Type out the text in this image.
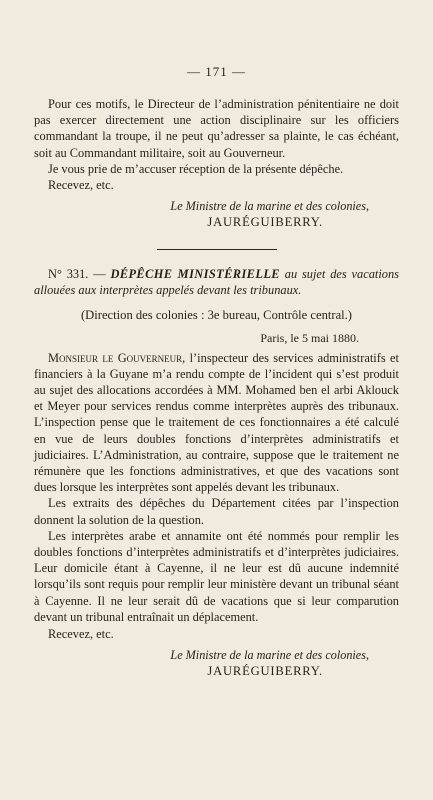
— 171 —

Pour ces motifs, le Directeur de l’administration pénitentiaire ne doit pas exercer directement une action disciplinaire sur les officiers commandant la troupe, il ne peut qu’adresser sa plainte, le cas échéant, soit au Commandant militaire, soit au Gouverneur.

Je vous prie de m’accuser réception de la présente dépêche.

Recevez, etc.

Le Ministre de la marine et des colonies,
JAURÉGUIBERRY.

N° 331. — DÉPÊCHE MINISTÉRIELLE au sujet des vacations allouées aux interprètes appelés devant les tribunaux.

(Direction des colonies : 3e bureau, Contrôle central.)
Paris, le 5 mai 1880.

Monsieur le Gouverneur, l’inspecteur des services administratifs et financiers à la Guyane m’a rendu compte de l’incident qui s’est produit au sujet des allocations accordées à MM. Mohamed ben el arbi Aklouck et Meyer pour services rendus comme interprètes auprès des tribunaux. L’inspection pense que le traitement de ces fonctionnaires a été calculé en vue de leurs doubles fonctions d’interprètes administratifs et judiciaires. L’Administration, au contraire, suppose que le traitement ne rémunère que les fonctions administratives, et que des vacations sont dues lorsque les interprètes sont appelés devant les tribunaux.

Les extraits des dépêches du Département citées par l’inspection donnent la solution de la question.

Les interprètes arabe et annamite ont été nommés pour remplir les doubles fonctions d’interprètes administratifs et d’interprètes judiciaires. Leur domicile étant à Cayenne, il ne leur est dû aucune indemnité lorsqu’ils sont requis pour remplir leur ministère devant un tribunal séant à Cayenne. Il ne leur serait dû de vacations que si leur comparution devant un tribunal entraînait un déplacement.

Recevez, etc.

Le Ministre de la marine et des colonies,
JAURÉGUIBERRY.
